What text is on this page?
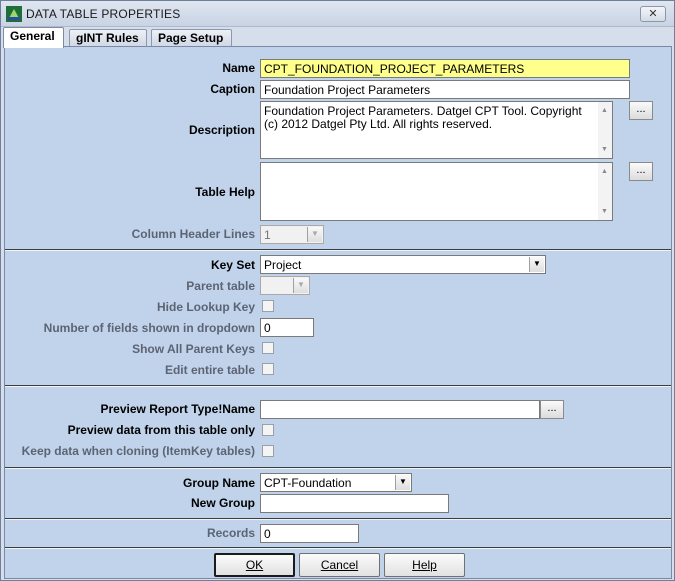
DATA TABLE PROPERTIES	✕
General	gINT Rules	Page Setup
Name CPT_FOUNDATION_PROJECT_PARAMETERS
Caption Foundation Project Parameters
Description
Foundation Project Parameters. Datgel CPT Tool. Copyright (c) 2012 Datgel Pty Ltd. All rights reserved.
▲
▼
...
Table Help
▲
▼
...
Column Header Lines 1	▼
Key Set Project	▼
Parent table	▼
Hide Lookup Key
Number of fields shown in dropdown 0
Show All Parent Keys
Edit entire table
Preview Report Type!Name	...
Preview data from this table only
Keep data when cloning (ItemKey tables)
Group Name CPT-Foundation	▼
New Group
Records 0
OK	Cancel	Help
